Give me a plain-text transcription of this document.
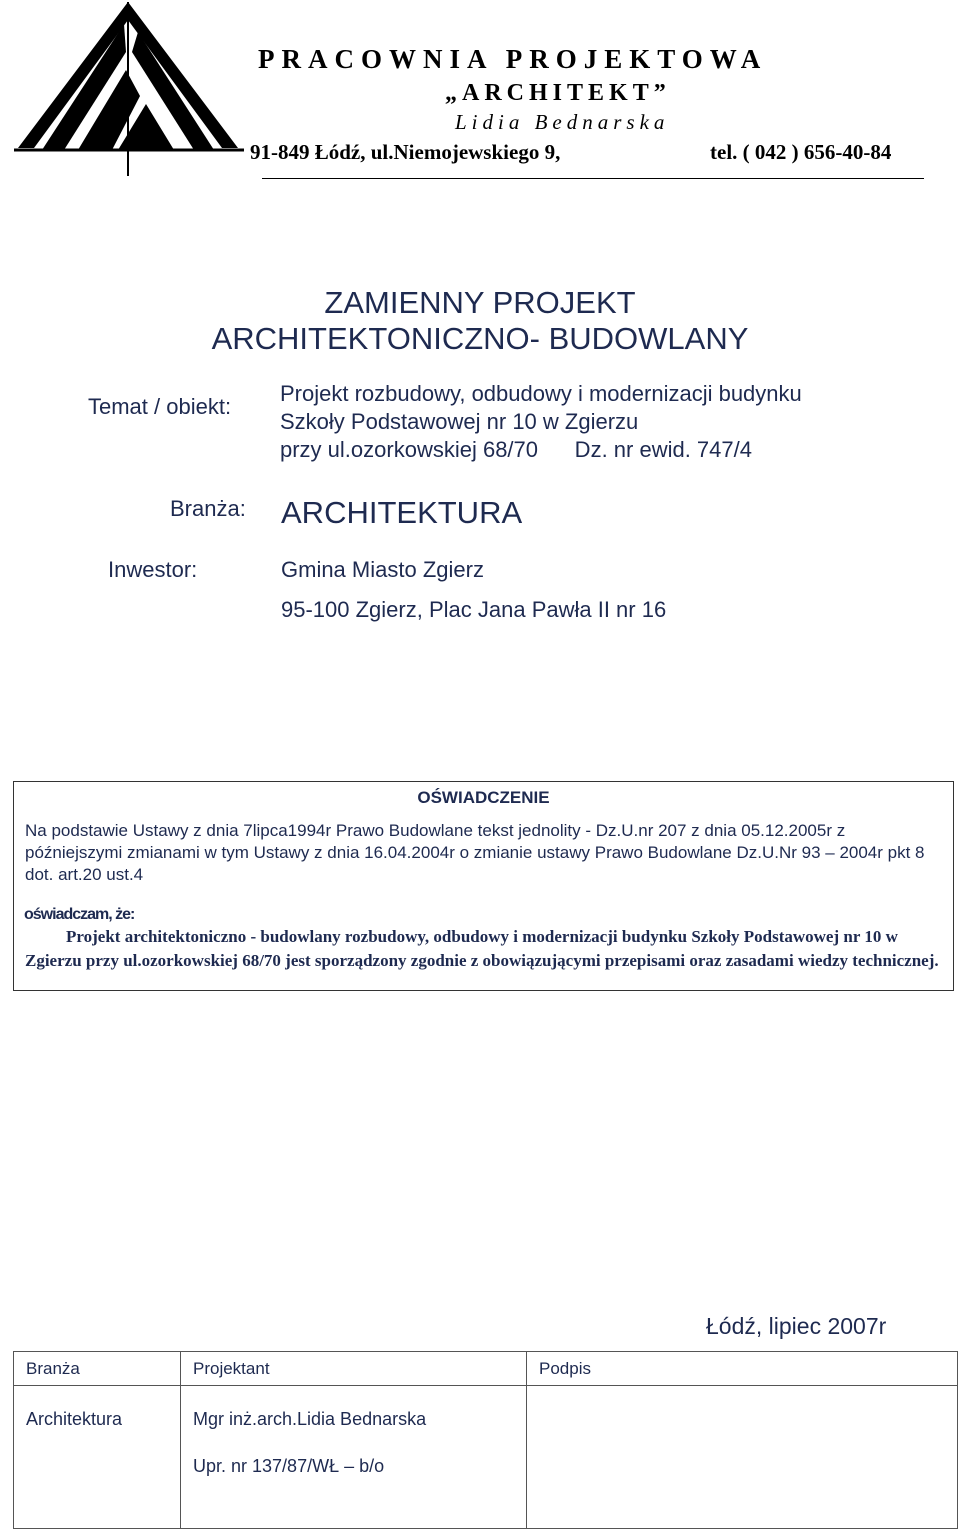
PRACOWNIA PROJEKTOWA
„ARCHITEKT”
Lidia Bednarska
91-849 Łódź, ul.Niemojewskiego 9,	tel. ( 042 ) 656-40-84
ZAMIENNY PROJEKT
ARCHITEKTONICZNO- BUDOWLANY
Temat / obiekt:
Projekt rozbudowy, odbudowy i modernizacji budynku
Szkoły Podstawowej nr 10 w Zgierzu
przy ul.ozorkowskiej 68/70      Dz. nr ewid. 747/4
Branża: ARCHITEKTURA
Inwestor:	Gmina Miasto Zgierz
95-100 Zgierz, Plac Jana Pawła II nr 16
OŚWIADCZENIE
Na podstawie Ustawy z dnia 7lipca1994r Prawo Budowlane tekst jednolity - Dz.U.nr 207 z dnia 05.12.2005r z późniejszymi zmianami w tym Ustawy z dnia 16.04.2004r o zmianie ustawy Prawo Budowlane Dz.U.Nr 93 – 2004r pkt 8 dot. art.20 ust.4
oświadczam, że:
Projekt architektoniczno - budowlany rozbudowy, odbudowy i modernizacji budynku Szkoły Podstawowej nr 10 w Zgierzu przy ul.ozorkowskiej 68/70 jest sporządzony zgodnie z obowiązującymi przepisami oraz zasadami wiedzy technicznej.
Łódź, lipiec 2007r
Branża	Projektant	Podpis

Architektura	Mgr inż.arch.Lidia Bednarska
Upr. nr 137/87/WŁ – b/o	
